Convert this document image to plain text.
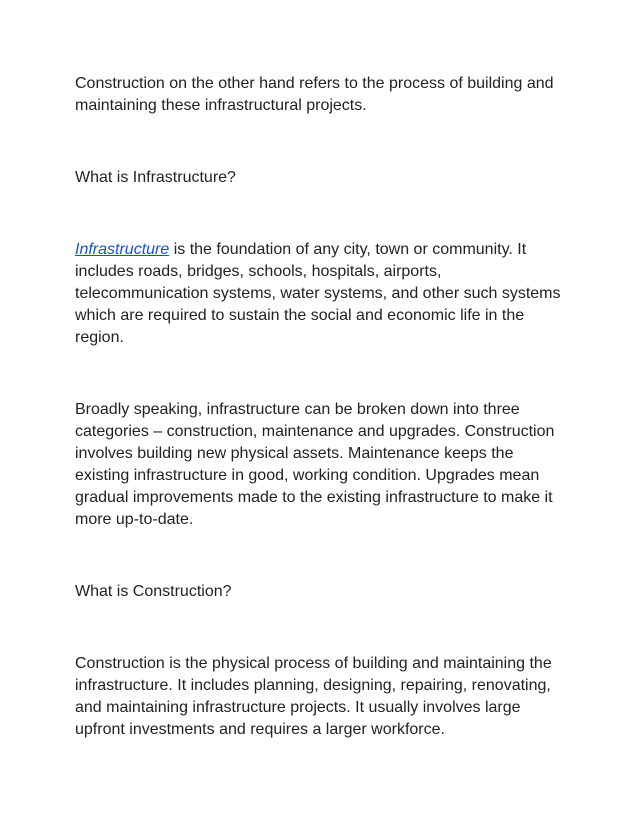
Construction on the other hand refers to the process of building and maintaining these infrastructural projects.

What is Infrastructure?

Infrastructure is the foundation of any city, town or community. It includes roads, bridges, schools, hospitals, airports, telecommunication systems, water systems, and other such systems which are required to sustain the social and economic life in the region.

Broadly speaking, infrastructure can be broken down into three categories – construction, maintenance and upgrades. Construction involves building new physical assets. Maintenance keeps the existing infrastructure in good, working condition. Upgrades mean gradual improvements made to the existing infrastructure to make it more up-to-date.

What is Construction?

Construction is the physical process of building and maintaining the infrastructure. It includes planning, designing, repairing, renovating, and maintaining infrastructure projects. It usually involves large upfront investments and requires a larger workforce.
